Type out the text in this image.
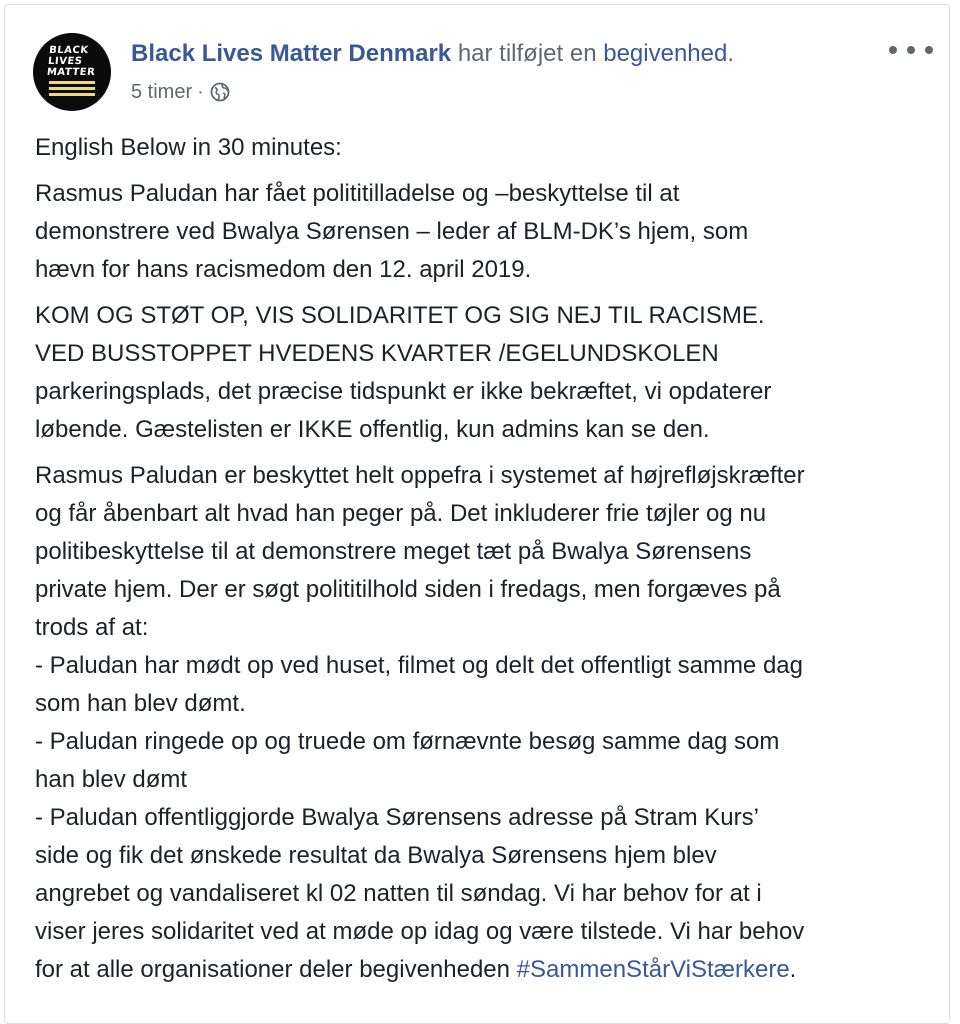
BLACK
LIVES
MATTER
Black Lives Matter Denmark har tilføjet en begivenhed.
5 timer ·

English Below in 30 minutes:

Rasmus Paludan har fået polititilladelse og –beskyttelse til at
demonstrere ved Bwalya Sørensen – leder af BLM-DK’s hjem, som
hævn for hans racismedom den 12. april 2019.

KOM OG STØT OP, VIS SOLIDARITET OG SIG NEJ TIL RACISME.
VED BUSSTOPPET HVEDENS KVARTER /EGELUNDSKOLEN
parkeringsplads, det præcise tidspunkt er ikke bekræftet, vi opdaterer
løbende. Gæstelisten er IKKE offentlig, kun admins kan se den.

Rasmus Paludan er beskyttet helt oppefra i systemet af højrefløjskræfter
og får åbenbart alt hvad han peger på. Det inkluderer frie tøjler og nu
politibeskyttelse til at demonstrere meget tæt på Bwalya Sørensens
private hjem. Der er søgt polititilhold siden i fredags, men forgæves på
trods af at:
- Paludan har mødt op ved huset, filmet og delt det offentligt samme dag
som han blev dømt.
- Paludan ringede op og truede om førnævnte besøg samme dag som
han blev dømt
- Paludan offentliggjorde Bwalya Sørensens adresse på Stram Kurs’
side og fik det ønskede resultat da Bwalya Sørensens hjem blev
angrebet og vandaliseret kl 02 natten til søndag. Vi har behov for at i
viser jeres solidaritet ved at møde op idag og være tilstede. Vi har behov
for at alle organisationer deler begivenheden #SammenStårViStærkere.
